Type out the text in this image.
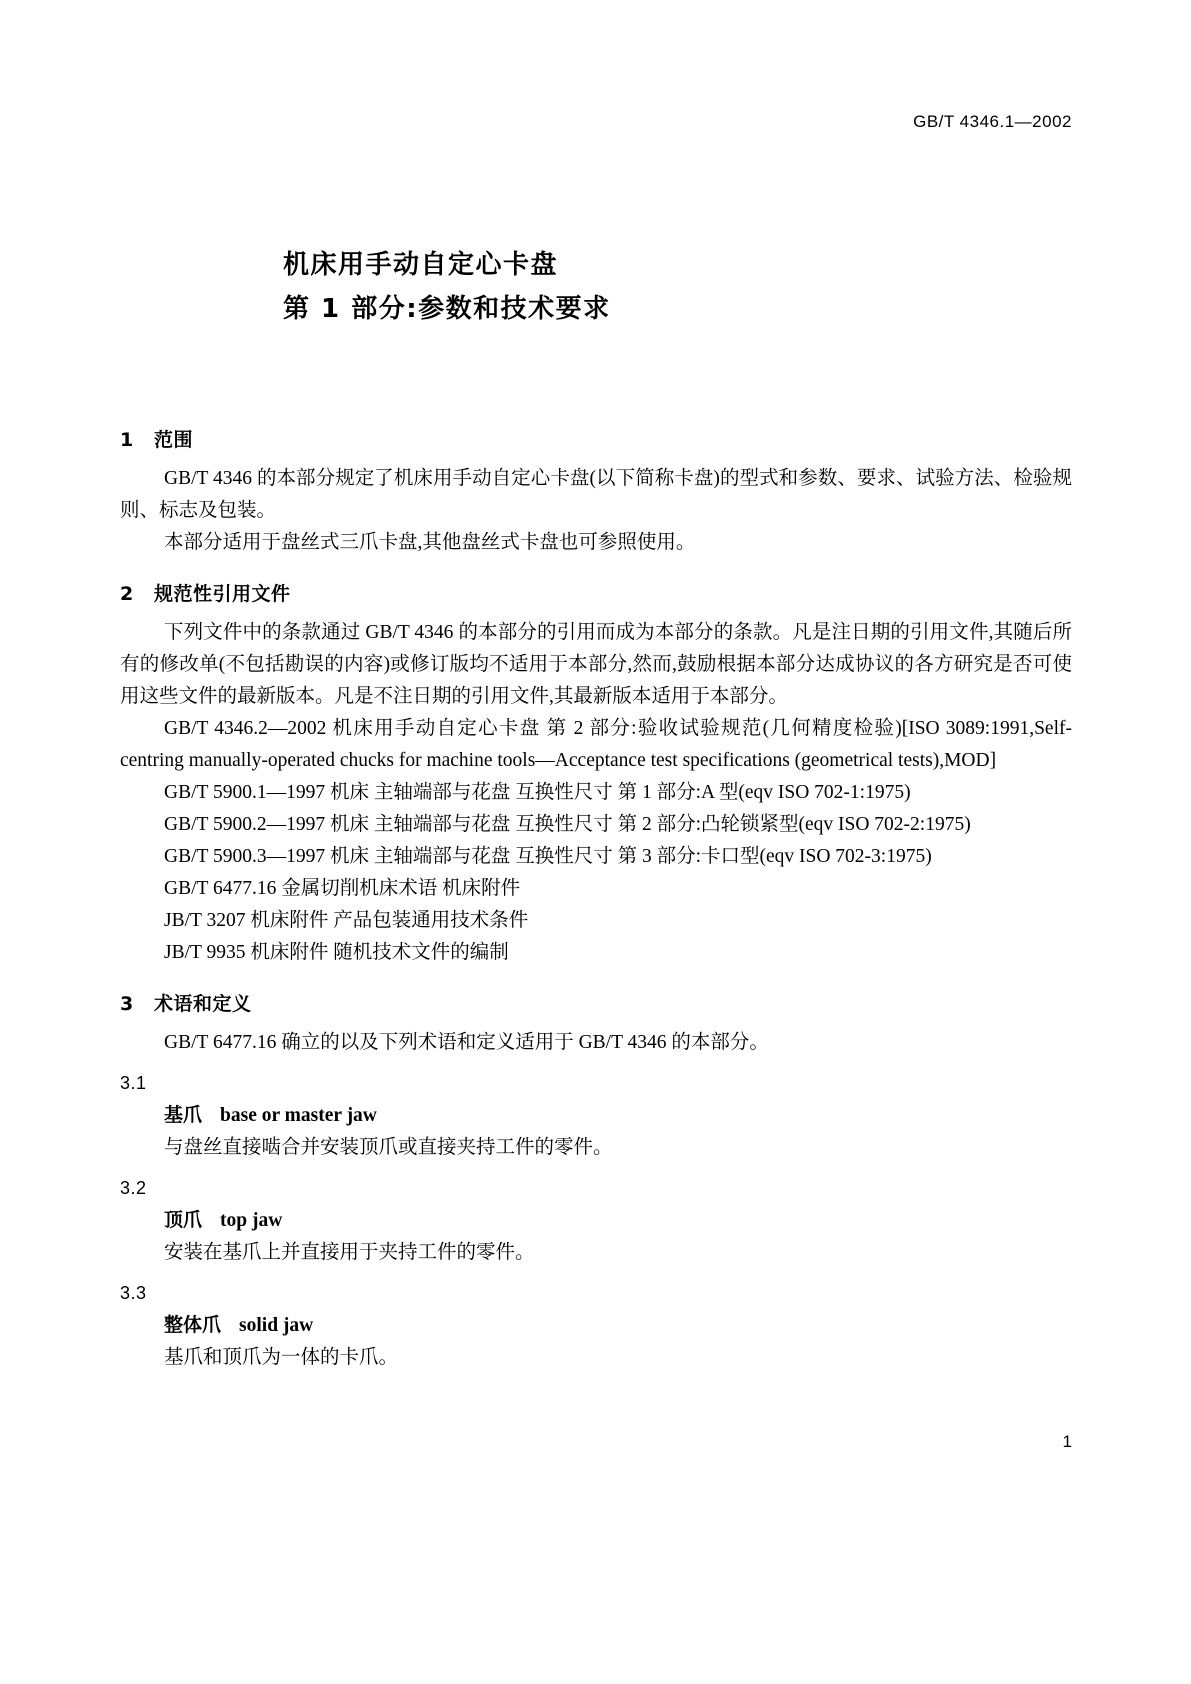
GB/T 4346.1—2002
机床用手动自定心卡盘
第 1 部分:参数和技术要求
1 范围

GB/T 4346 的本部分规定了机床用手动自定心卡盘(以下简称卡盘)的型式和参数、要求、试验方法、检验规则、标志及包装。

本部分适用于盘丝式三爪卡盘,其他盘丝式卡盘也可参照使用。

2 规范性引用文件

下列文件中的条款通过 GB/T 4346 的本部分的引用而成为本部分的条款。凡是注日期的引用文件,其随后所有的修改单(不包括勘误的内容)或修订版均不适用于本部分,然而,鼓励根据本部分达成协议的各方研究是否可使用这些文件的最新版本。凡是不注日期的引用文件,其最新版本适用于本部分。

GB/T 4346.2—2002 机床用手动自定心卡盘 第 2 部分:验收试验规范(几何精度检验)[ISO 3089:1991,Self-centring manually-operated chucks for machine tools—Acceptance test specifications (geometrical tests),MOD]

GB/T 5900.1—1997 机床 主轴端部与花盘 互换性尺寸 第 1 部分:A 型(eqv ISO 702-1:1975)

GB/T 5900.2—1997 机床 主轴端部与花盘 互换性尺寸 第 2 部分:凸轮锁紧型(eqv ISO 702-2:1975)

GB/T 5900.3—1997 机床 主轴端部与花盘 互换性尺寸 第 3 部分:卡口型(eqv ISO 702-3:1975)

GB/T 6477.16 金属切削机床术语 机床附件

JB/T 3207 机床附件 产品包装通用技术条件

JB/T 9935 机床附件 随机技术文件的编制

3 术语和定义

GB/T 6477.16 确立的以及下列术语和定义适用于 GB/T 4346 的本部分。

3.1

基爪 base or master jaw

与盘丝直接啮合并安装顶爪或直接夹持工件的零件。

3.2

顶爪 top jaw

安装在基爪上并直接用于夹持工件的零件。

3.3

整体爪 solid jaw

基爪和顶爪为一体的卡爪。

1
